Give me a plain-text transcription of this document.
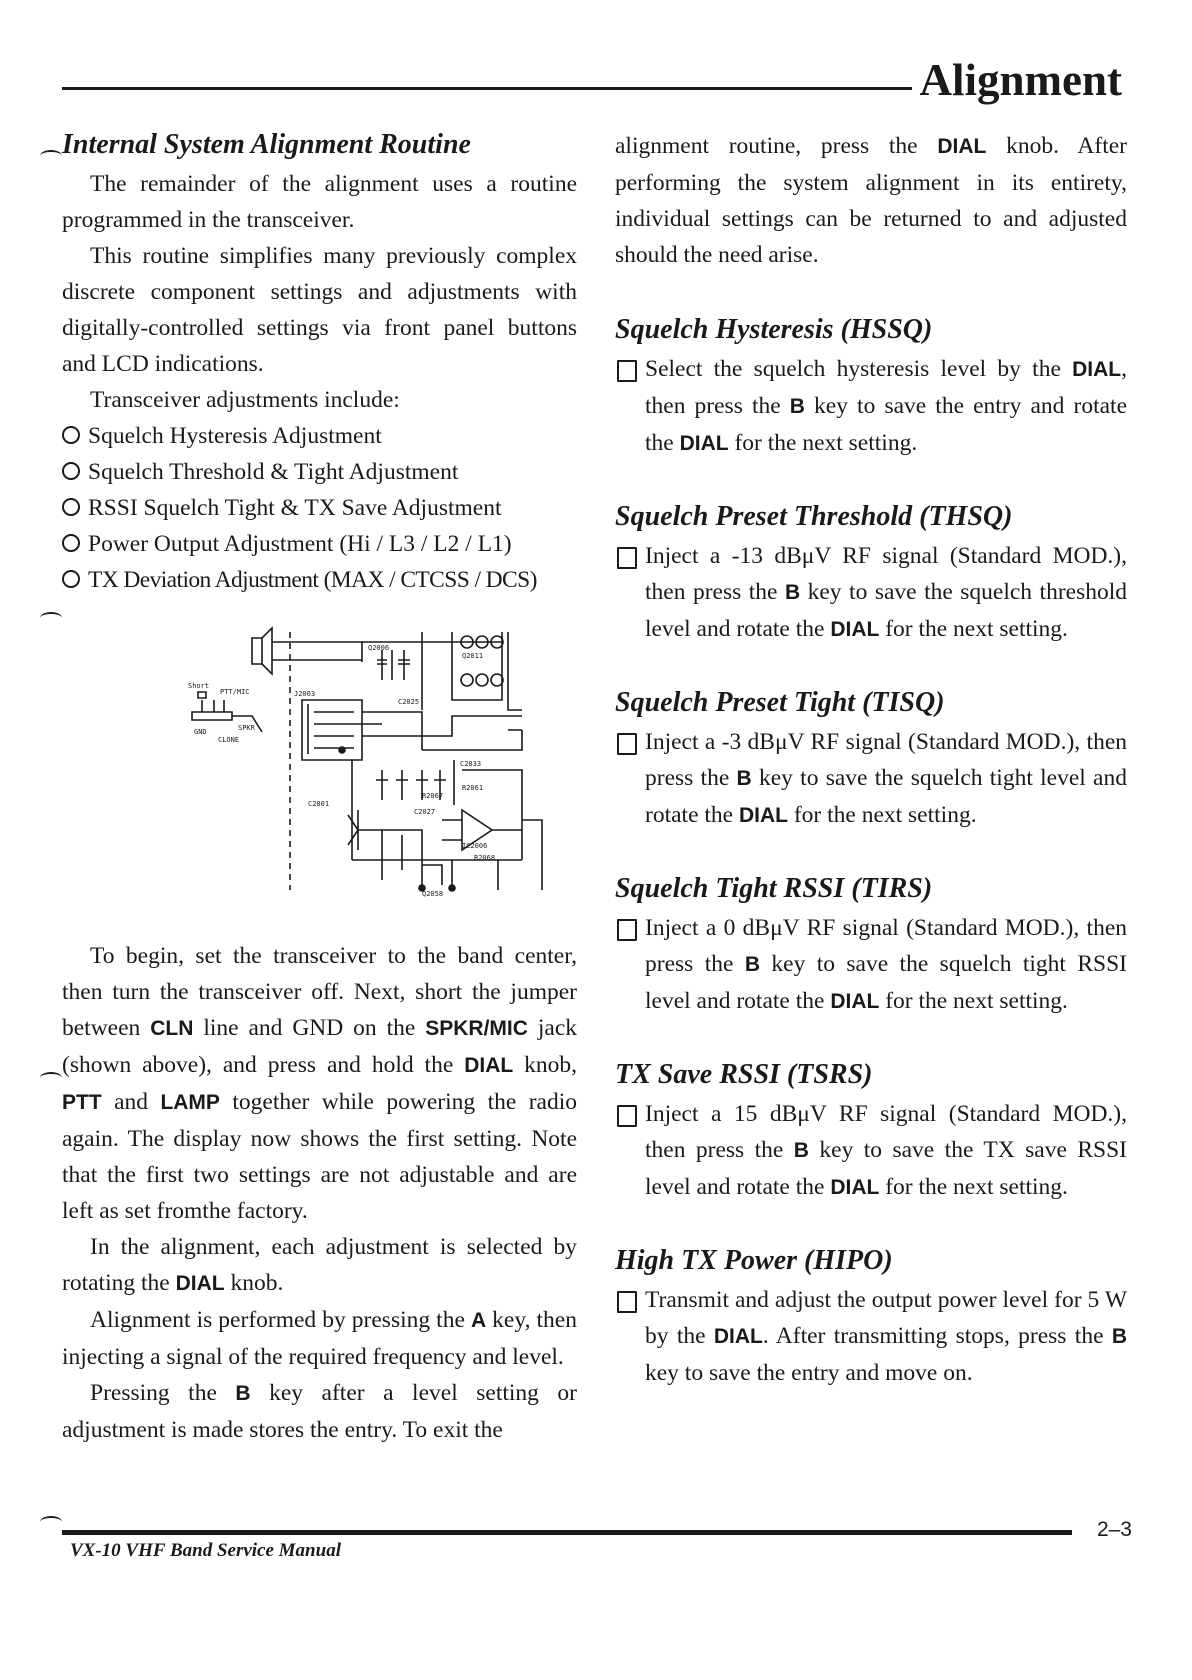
Alignment
Internal System Alignment Routine

The remainder of the alignment uses a routine programmed in the transceiver.

This routine simplifies many previously complex discrete component settings and adjustments with digitally-controlled settings via front panel buttons and LCD indications.

Transceiver adjustments include:

Squelch Hysteresis Adjustment
Squelch Threshold & Tight Adjustment
RSSI Squelch Tight & TX Save Adjustment
Power Output Adjustment (Hi / L3 / L2 / L1)
TX Deviation Adjustment (MAX / CTCSS / DCS)
Short
PTT/MIC
GND	SPKR
CLONE
J2003
C2025
Q2011
C2033
R2061
Q2006
C2001
R2067
C2027
R2068
IC2006
Q2058

To begin, set the transceiver to the band center, then turn the transceiver off. Next, short the jumper between CLN line and GND on the SPKR/MIC jack (shown above), and press and hold the DIAL knob, PTT and LAMP together while powering the radio again. The display now shows the first setting. Note that the first two settings are not adjustable and are left as set fromthe factory.

In the alignment, each adjustment is selected by rotating the DIAL knob.

Alignment is performed by pressing the A key, then injecting a signal of the required frequency and level.

Pressing the B key after a level setting or adjustment is made stores the entry. To exit the

alignment routine, press the DIAL knob. After performing the system alignment in its entirety, individual settings can be returned to and adjusted should the need arise.

Squelch Hysteresis (HSSQ)
Select the squelch hysteresis level by the DIAL, then press the B key to save the entry and rotate the DIAL for the next setting.
Squelch Preset Threshold (THSQ)
Inject a -13 dBμV RF signal (Standard MOD.), then press the B key to save the squelch threshold level and rotate the DIAL for the next setting.
Squelch Preset Tight (TISQ)
Inject a -3 dBμV RF signal (Standard MOD.), then press the B key to save the squelch tight level and rotate the DIAL for the next setting.
Squelch Tight RSSI (TIRS)
Inject a 0 dBμV RF signal (Standard MOD.), then press the B key to save the squelch tight RSSI level and rotate the DIAL for the next setting.
TX Save RSSI (TSRS)
Inject a 15 dBμV RF signal (Standard MOD.), then press the B key to save the TX save RSSI level and rotate the DIAL for the next setting.
High TX Power (HIPO)
Transmit and adjust the output power level for 5 W by the DIAL. After transmitting stops, press the B key to save the entry and move on.
VX-10 VHF Band Service Manual
2–3
